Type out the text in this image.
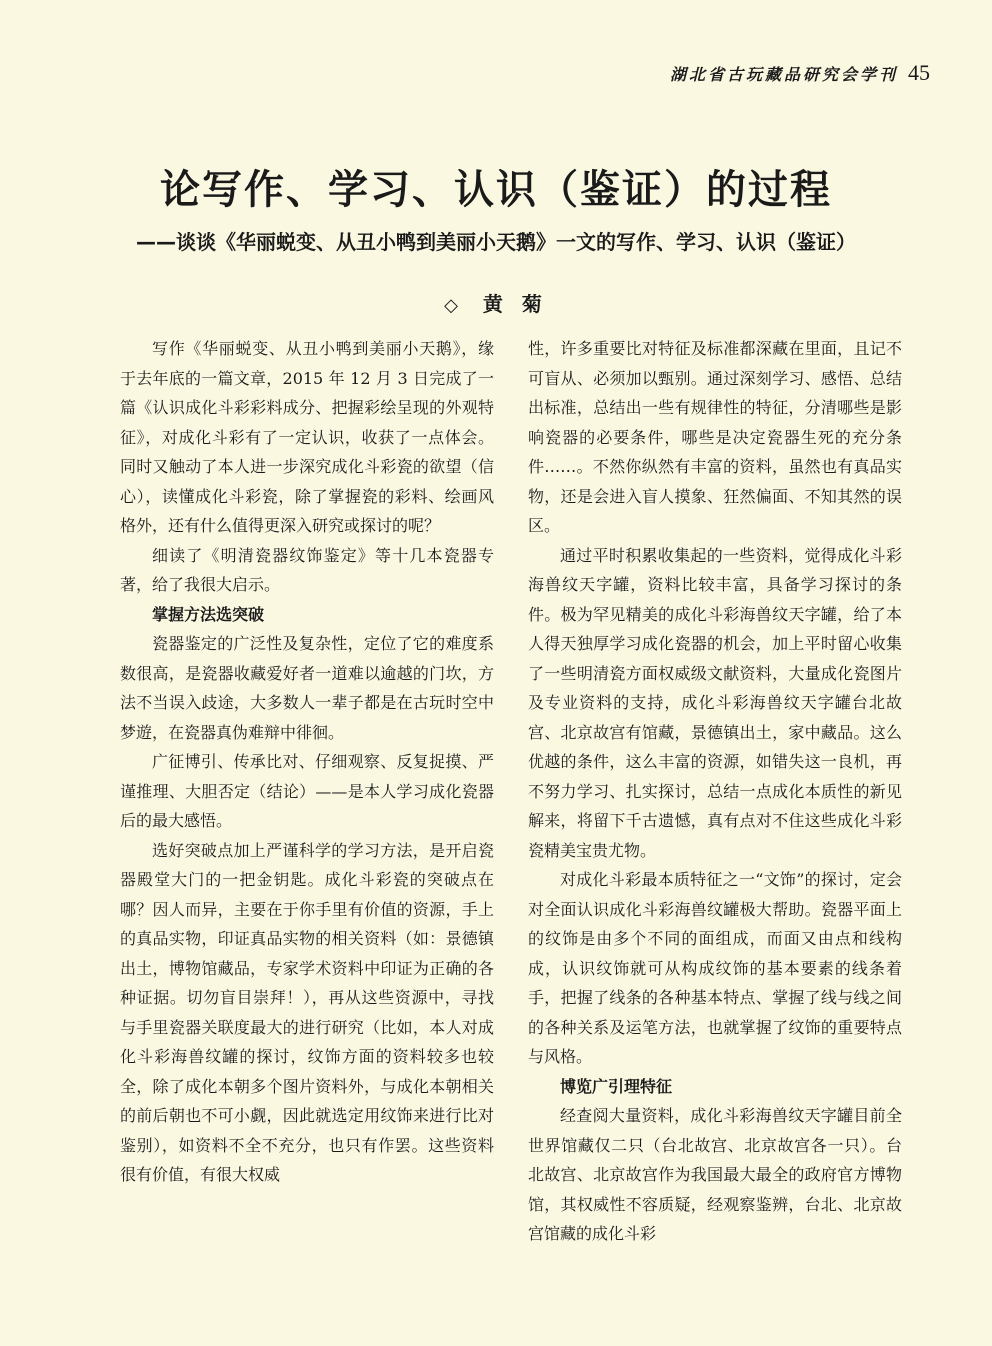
湖北省古玩藏品研究会学刊 45
论写作、学习、认识（鉴证）的过程
——谈谈《华丽蜕变、从丑小鸭到美丽小天鹅》一文的写作、学习、认识（鉴证）
◇ 黄 菊

写作《华丽蜕变、从丑小鸭到美丽小天鹅》，缘于去年底的一篇文章，2015 年 12 月 3 日完成了一篇《认识成化斗彩彩料成分、把握彩绘呈现的外观特征》，对成化斗彩有了一定认识，收获了一点体会。同时又触动了本人进一步深究成化斗彩瓷的欲望（信心），读懂成化斗彩瓷，除了掌握瓷的彩料、绘画风格外，还有什么值得更深入研究或探讨的呢？

细读了《明清瓷器纹饰鉴定》等十几本瓷器专著，给了我很大启示。

掌握方法选突破

瓷器鉴定的广泛性及复杂性，定位了它的难度系数很高，是瓷器收藏爱好者一道难以逾越的门坎，方法不当误入歧途，大多数人一辈子都是在古玩时空中梦遊，在瓷器真伪难辩中徘徊。

广征博引、传承比对、仔细观察、反复捉摸、严谨推理、大胆否定（结论）——是本人学习成化瓷器后的最大感悟。

选好突破点加上严谨科学的学习方法，是开启瓷器殿堂大门的一把金钥匙。成化斗彩瓷的突破点在哪？因人而异，主要在于你手里有价值的资源，手上的真品实物，印证真品实物的相关资料（如：景德镇出土，博物馆藏品，专家学术资料中印证为正确的各种证据。切勿盲目崇拜！），再从这些资源中，寻找与手里瓷器关联度最大的进行研究（比如，本人对成化斗彩海兽纹罐的探讨，纹饰方面的资料较多也较全，除了成化本朝多个图片资料外，与成化本朝相关的前后朝也不可小觑，因此就选定用纹饰来进行比对鉴别），如资料不全不充分，也只有作罢。这些资料很有价值，有很大权威

性，许多重要比对特征及标准都深藏在里面，且记不可盲从、必须加以甄别。通过深刻学习、感悟、总结出标准，总结出一些有规律性的特征，分清哪些是影响瓷器的必要条件，哪些是决定瓷器生死的充分条件……。不然你纵然有丰富的资料，虽然也有真品实物，还是会进入盲人摸象、狂然偏面、不知其然的误区。

通过平时积累收集起的一些资料，觉得成化斗彩海兽纹天字罐，资料比较丰富，具备学习探讨的条件。极为罕见精美的成化斗彩海兽纹天字罐，给了本人得天独厚学习成化瓷器的机会，加上平时留心收集了一些明清瓷方面权威级文献资料，大量成化瓷图片及专业资料的支持，成化斗彩海兽纹天字罐台北故宫、北京故宫有馆藏，景德镇出土，家中藏品。这么优越的条件，这么丰富的资源，如错失这一良机，再不努力学习、扎实探讨，总结一点成化本质性的新见解来，将留下千古遗憾，真有点对不住这些成化斗彩瓷精美宝贵尤物。

对成化斗彩最本质特征之一“文饰”的探讨，定会对全面认识成化斗彩海兽纹罐极大帮助。瓷器平面上的纹饰是由多个不同的面组成，而面又由点和线构成，认识纹饰就可从构成纹饰的基本要素的线条着手，把握了线条的各种基本特点、掌握了线与线之间的各种关系及运笔方法，也就掌握了纹饰的重要特点与风格。

博览广引理特征

经查阅大量资料，成化斗彩海兽纹天字罐目前全世界馆藏仅二只（台北故宫、北京故宫各一只）。台北故宫、北京故宫作为我国最大最全的政府官方博物馆，其权威性不容质疑，经观察鉴辨，台北、北京故宫馆藏的成化斗彩
